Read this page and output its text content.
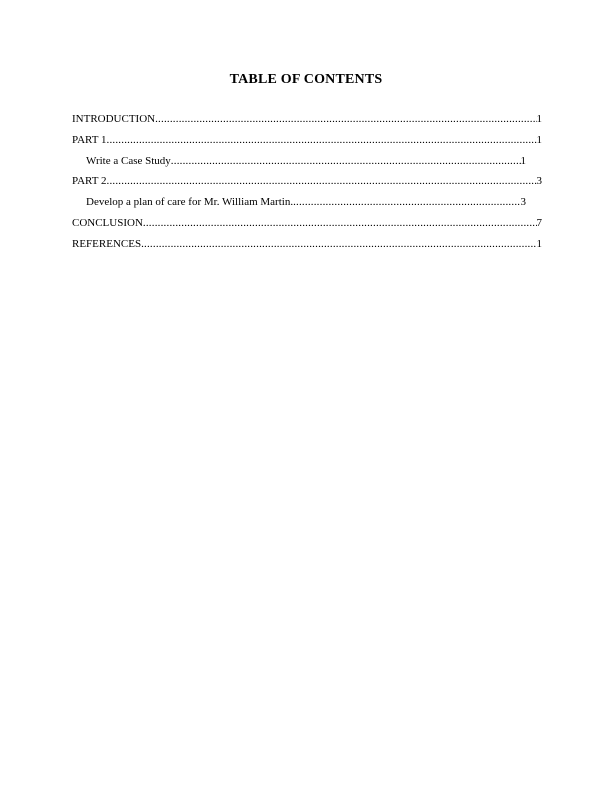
TABLE OF CONTENTS
INTRODUCTION .....	1
PART 1 .....	1
Write a Case Study .....	1
PART 2 .....	3
Develop a plan of care for Mr. William Martin. .....	3
CONCLUSION .....	7
REFERENCES .....	1
